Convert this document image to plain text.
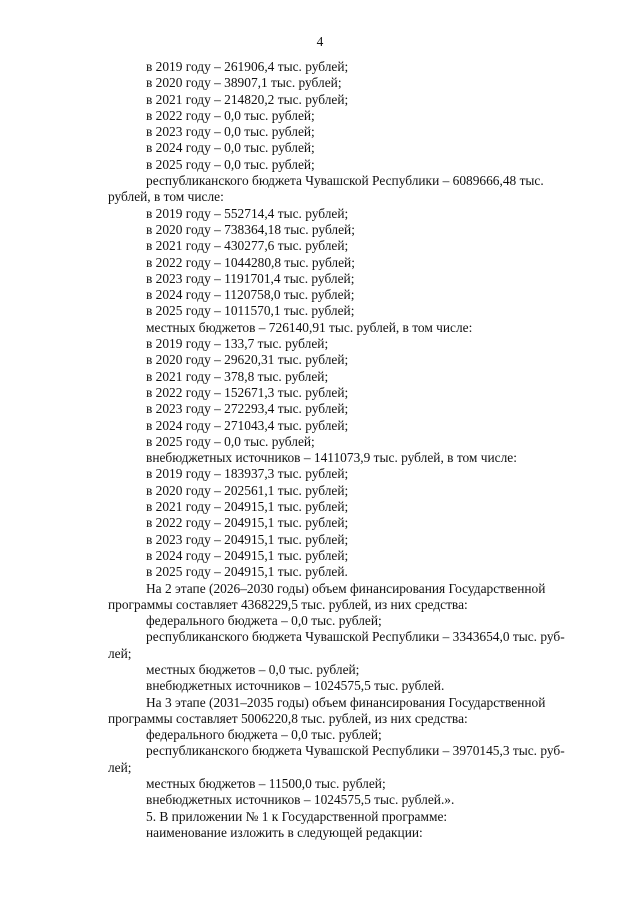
4
в 2019 году – 261906,4 тыс. рублей;
в 2020 году – 38907,1 тыс. рублей;
в 2021 году – 214820,2 тыс. рублей;
в 2022 году – 0,0 тыс. рублей;
в 2023 году – 0,0 тыс. рублей;
в 2024 году – 0,0 тыс. рублей;
в 2025 году – 0,0 тыс. рублей;
республиканского бюджета Чувашской Республики – 6089666,48 тыс.
рублей, в том числе:
в 2019 году – 552714,4 тыс. рублей;
в 2020 году – 738364,18 тыс. рублей;
в 2021 году – 430277,6 тыс. рублей;
в 2022 году – 1044280,8 тыс. рублей;
в 2023 году – 1191701,4 тыс. рублей;
в 2024 году – 1120758,0 тыс. рублей;
в 2025 году – 1011570,1 тыс. рублей;
местных бюджетов – 726140,91 тыс. рублей, в том числе:
в 2019 году – 133,7 тыс. рублей;
в 2020 году – 29620,31 тыс. рублей;
в 2021 году – 378,8 тыс. рублей;
в 2022 году – 152671,3 тыс. рублей;
в 2023 году – 272293,4 тыс. рублей;
в 2024 году – 271043,4 тыс. рублей;
в 2025 году – 0,0 тыс. рублей;
внебюджетных источников – 1411073,9 тыс. рублей, в том числе:
в 2019 году – 183937,3 тыс. рублей;
в 2020 году – 202561,1 тыс. рублей;
в 2021 году – 204915,1 тыс. рублей;
в 2022 году – 204915,1 тыс. рублей;
в 2023 году – 204915,1 тыс. рублей;
в 2024 году – 204915,1 тыс. рублей;
в 2025 году – 204915,1 тыс. рублей.
На 2 этапе (2026–2030 годы) объем финансирования Государственной
программы составляет 4368229,5 тыс. рублей, из них средства:
федерального бюджета – 0,0 тыс. рублей;
республиканского бюджета Чувашской Республики – 3343654,0 тыс. руб-
лей;
местных бюджетов – 0,0 тыс. рублей;
внебюджетных источников – 1024575,5 тыс. рублей.
На 3 этапе (2031–2035 годы) объем финансирования Государственной
программы составляет 5006220,8 тыс. рублей, из них средства:
федерального бюджета – 0,0 тыс. рублей;
республиканского бюджета Чувашской Республики – 3970145,3 тыс. руб-
лей;
местных бюджетов – 11500,0 тыс. рублей;
внебюджетных источников – 1024575,5 тыс. рублей.».
5. В приложении № 1 к Государственной программе:
наименование изложить в следующей редакции:
